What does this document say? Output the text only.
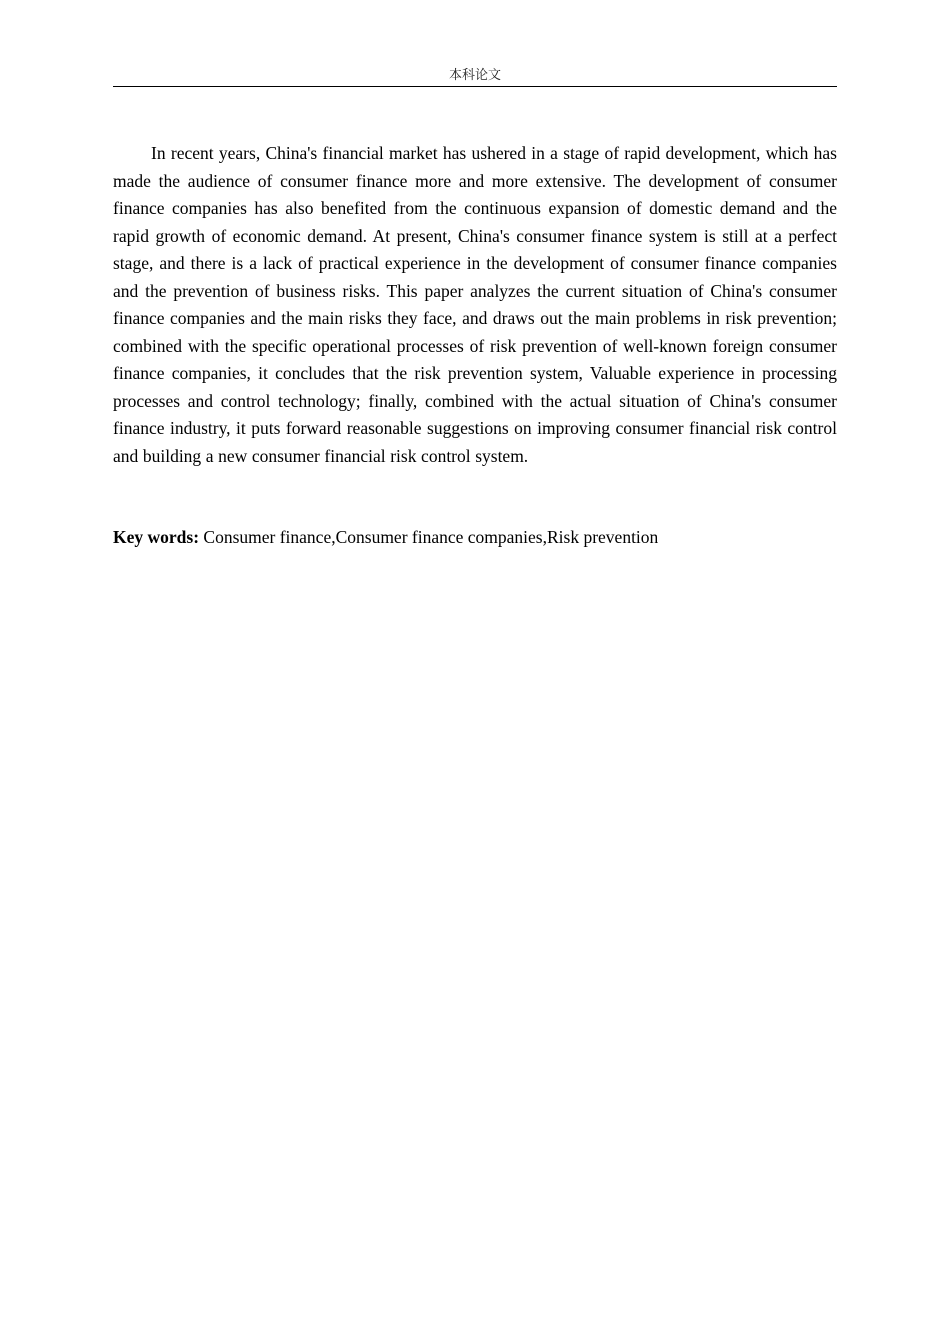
本科论文

In recent years, China's financial market has ushered in a stage of rapid development, which has made the audience of consumer finance more and more extensive. The development of consumer finance companies has also benefited from the continuous expansion of domestic demand and the rapid growth of economic demand. At present, China's consumer finance system is still at a perfect stage, and there is a lack of practical experience in the development of consumer finance companies and the prevention of business risks. This paper analyzes the current situation of China's consumer finance companies and the main risks they face, and draws out the main problems in risk prevention; combined with the specific operational processes of risk prevention of well-known foreign consumer finance companies, it concludes that the risk prevention system, Valuable experience in processing processes and control technology; finally, combined with the actual situation of China's consumer finance industry, it puts forward reasonable suggestions on improving consumer financial risk control and building a new consumer financial risk control system.

Key words: Consumer finance,Consumer finance companies,Risk prevention
